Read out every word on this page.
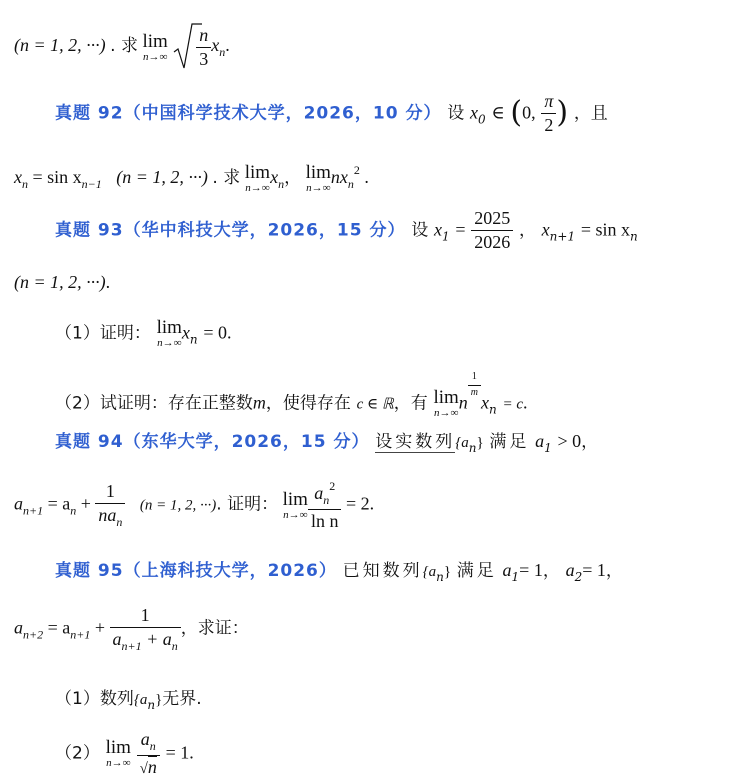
(n = 1, 2, ···) . 求 lim
n→∞
$\frac{n}{3} x_n$.
真题 92（中国科学技术大学，2026，10 分） 设 $x_0$ ∈ (0, $\frac{\pi}{2}$ ) ，且
$x_n = \sin x_{n-1}$ (n = 1, 2, ···) . 求 lim
n→∞
$x_n$， lim
n→∞
$nx_n^2$ .
真题 93（华中科技大学，2026，15 分） 设 $x_1 = \frac{2025}{2026}$ ， $x_{n+1} = \sin x_n$
(n = 1, 2, ···).
（1）证明： lim
n→∞
$x_n = 0$.
（2）试证明：存在正整数m，使得存在 c ∈ ℝ，有 lim
n→∞
n
$\frac{1}{m}$
$x_n = c$.
真题 94（东华大学，2026，15 分） 设实数列$\{a_n\}$ 满足 $a_1 > 0$，
$a_{n+1} = a_n + \frac{1}{na_n} (n = 1$, 2, ···). 证明： lim
$n\to\infty \frac{a_n^2}{\text{ln n}} = 2$.
真题 95（上海科技大学，2026） 已知数列$\{a_n\}$ 满足 $a_1= 1$， $a_2= 1$，
$a_{n+2} = a_{n+1} + \frac{1}{a_{n+1} + a_n}$ ，求证：
（1）数列$\{a_n\}$无界.
（2） lim
n→∞
$\frac{a_n}{√n} = 1$.
